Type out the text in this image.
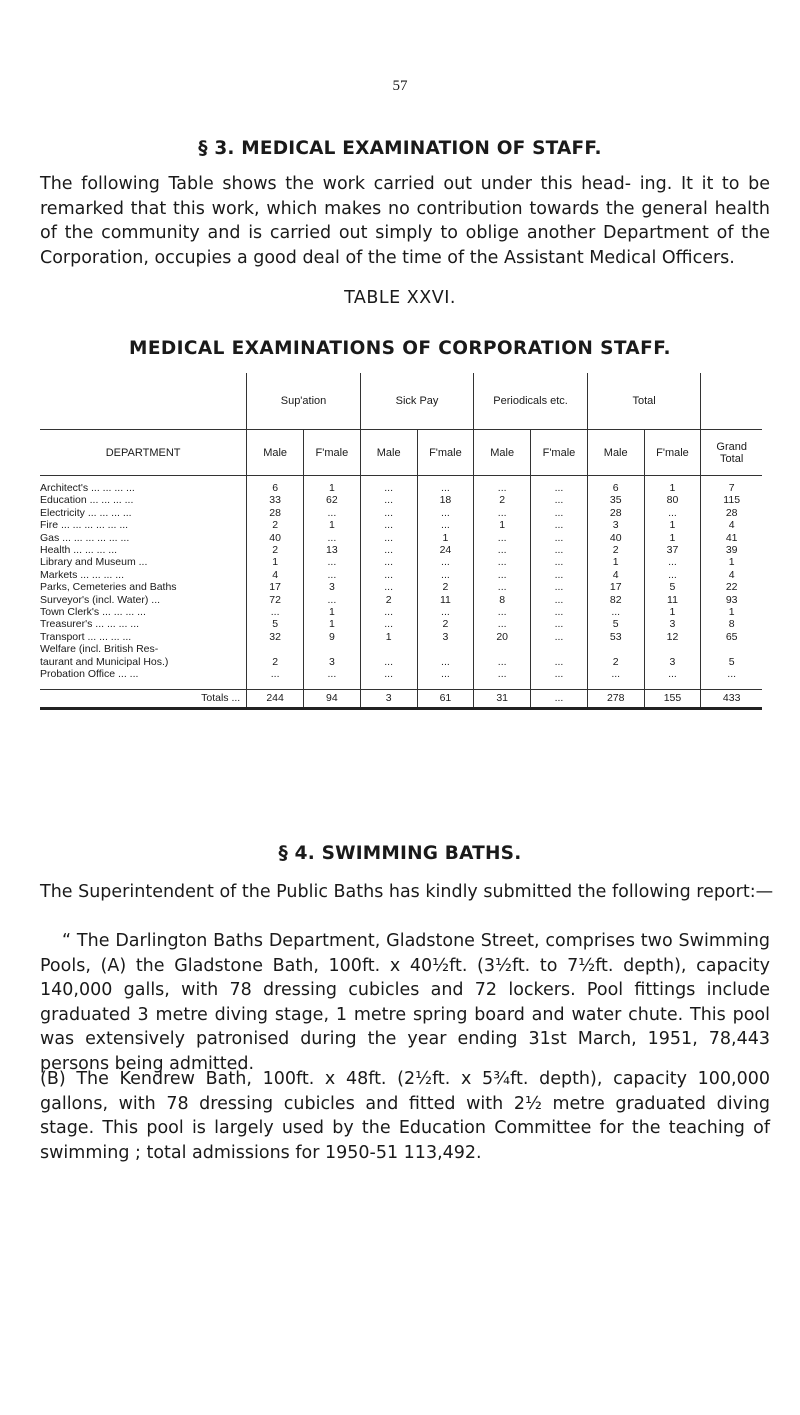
57
§ 3. MEDICAL EXAMINATION OF STAFF.
The following Table shows the work carried out under this head- ing. It it to be remarked that this work, which makes no contribution towards the general health of the community and is carried out simply to oblige another Department of the Corporation, occupies a good deal of the time of the Assistant Medical Officers.
TABLE XXVI.
MEDICAL EXAMINATIONS OF CORPORATION STAFF.
	Sup'ation		Sick Pay		Periodicals etc.		Total		
DEPARTMENT	Male	F'male	Male	F'male	Male	F'male	Male	F'male	Grand Total

Architect's ... ... ... ...	6	1	...	...	...	...	6	1	7
Education ... ... ... ...	33	62	...	18	2	...	35	80	115
Electricity ... ... ... ...	28	...	...	...	...	...	28	...	28
Fire ... ... ... ... ... ...	2	1	...	...	1	...	3	1	4
Gas ... ... ... ... ... ...	40	...	...	1	...	...	40	1	41
Health ... ... ... ...	2	13	...	24	...	...	2	37	39
Library and Museum ...	1	...	...	...	...	...	1	...	1
Markets ... ... ... ...	4	...	...	...	...	...	4	...	4
Parks, Cemeteries and Baths	17	3	...	2	...	...	17	5	22
Surveyor's (incl. Water) ...	72	...	2	11	8	...	82	11	93
Town Clerk's ... ... ... ...	...	1	...	...	...	...	...	1	1
Treasurer's ... ... ... ...	5	1	...	2	...	...	5	3	8
Transport ... ... ... ...	32	9	1	3	20	...	53	12	65
Welfare (incl. British Res-									
taurant and Municipal Hos.)	2	3	...	...	...	...	2	3	5
Probation Office ... ...	...	...	...	...	...	...	...	...	...

Totals ...	244	94	3	61	31	...	278	155	433
§ 4. SWIMMING BATHS.
The Superintendent of the Public Baths has kindly submitted the following report:—
“ The Darlington Baths Department, Gladstone Street, comprises two Swimming Pools, (A) the Gladstone Bath, 100ft. x 40½ft. (3½ft. to 7½ft. depth), capacity 140,000 galls, with 78 dressing cubicles and 72 lockers. Pool fittings include graduated 3 metre diving stage, 1 metre spring board and water chute. This pool was extensively patronised during the year ending 31st March, 1951, 78,443 persons being admitted.
(B) The Kendrew Bath, 100ft. x 48ft. (2½ft. x 5¾ft. depth), capacity 100,000 gallons, with 78 dressing cubicles and fitted with 2½ metre graduated diving stage. This pool is largely used by the Education Committee for the teaching of swimming ; total admissions for 1950-51 113,492.
